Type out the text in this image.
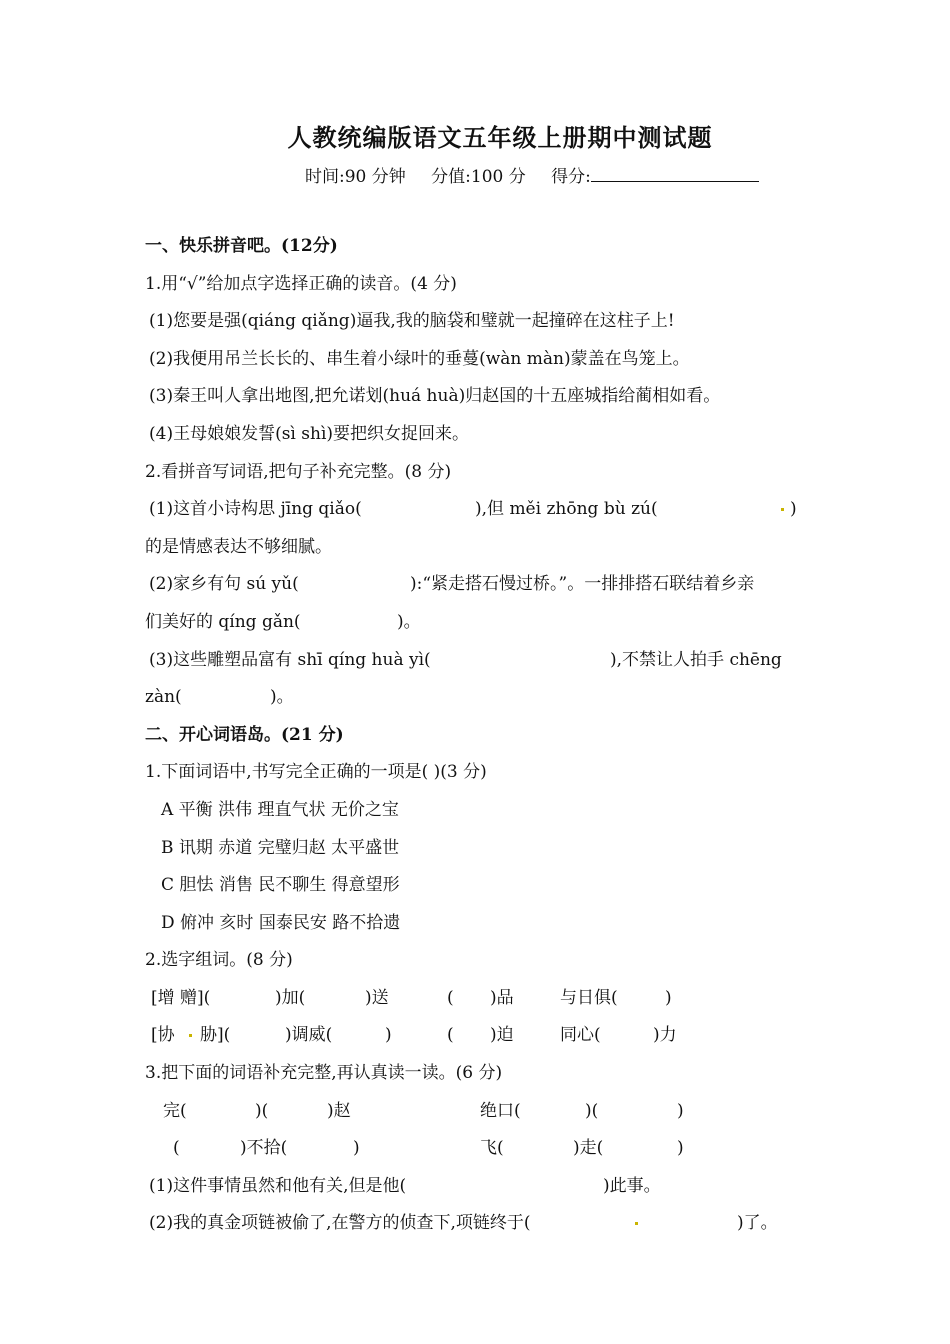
人教统编版语文五年级上册期中测试题
时间:90 分钟 分值:100 分 得分:
一、快乐拼音吧。(12分)
1.用“√”给加点字选择正确的读音。(4 分)
(1)您要是强(qiáng qiǎng)逼我,我的脑袋和璧就一起撞碎在这柱子上!
(2)我便用吊兰长长的、串生着小绿叶的垂蔓(wàn màn)蒙盖在鸟笼上。
(3)秦王叫人拿出地图,把允诺划(huá huà)归赵国的十五座城指给蔺相如看。
(4)王母娘娘发誓(sì shì)要把织女捉回来。
2.看拼音写词语,把句子补充完整。(8 分)
(1)这首小诗构思 jīng qiǎo(	),但 měi zhōng bù zú(	)
的是情感表达不够细腻。
(2)家乡有句 sú yǔ(	):“紧走搭石慢过桥。”。一排排搭石联结着乡亲
们美好的 qíng gǎn(	)。
(3)这些雕塑品富有 shī qíng huà yì(	),不禁让人拍手 chēng
zàn(	)。
二、开心词语岛。(21 分)
1.下面词语中,书写完全正确的一项是( )(3 分)
A 平衡 洪伟 理直气状 无价之宝
B 讯期 赤道 完璧归赵 太平盛世
C 胆怯 消售 民不聊生 得意望形
D 俯冲 亥时 国泰民安 路不拾遗
2.选字组词。(8 分)
[增 赠](	)加(	)送	( )品	与日俱(	)
[协 胁](	)调威(	)	( )迫	同心(	)力
3.把下面的词语补充完整,再认真读一读。(6 分)
完(	)(	)赵	绝口(	)(	)
(	)不拾(	)	飞(	)走(	)
(1)这件事情虽然和他有关,但是他(	)此事。
(2)我的真金项链被偷了,在警方的侦查下,项链终于(	)了。
